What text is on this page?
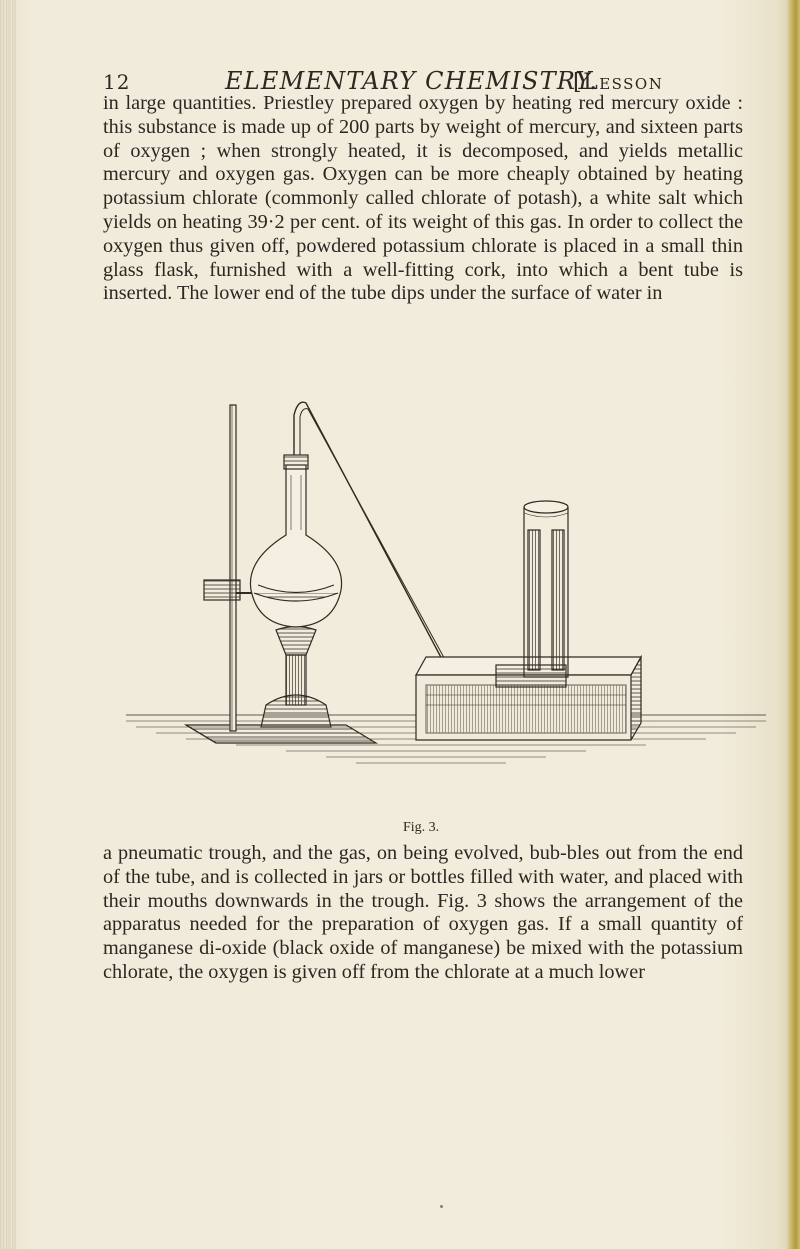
12	ELEMENTARY CHEMISTRY.
[Lesson

in large quantities. Priestley prepared oxygen by heating red mercury oxide : this substance is made up of 200 parts by weight of mercury, and sixteen parts of oxygen ; when strongly heated, it is decomposed, and yields metallic mercury and oxygen gas. Oxygen can be more cheaply obtained by heating potassium chlorate (commonly called chlorate of potash), a white salt which yields on heating 39·2 per cent. of its weight of this gas. In order to collect the oxygen thus given off, powdered potassium chlorate is placed in a small thin glass flask, furnished with a well-fitting cork, into which a bent tube is inserted. The lower end of the tube dips under the surface of water in

Fig. 3.

a pneumatic trough, and the gas, on being evolved, bub-bles out from the end of the tube, and is collected in jars or bottles filled with water, and placed with their mouths downwards in the trough. Fig. 3 shows the arrangement of the apparatus needed for the preparation of oxygen gas. If a small quantity of manganese di-oxide (black oxide of manganese) be mixed with the potassium chlorate, the oxygen is given off from the chlorate at a much lower
